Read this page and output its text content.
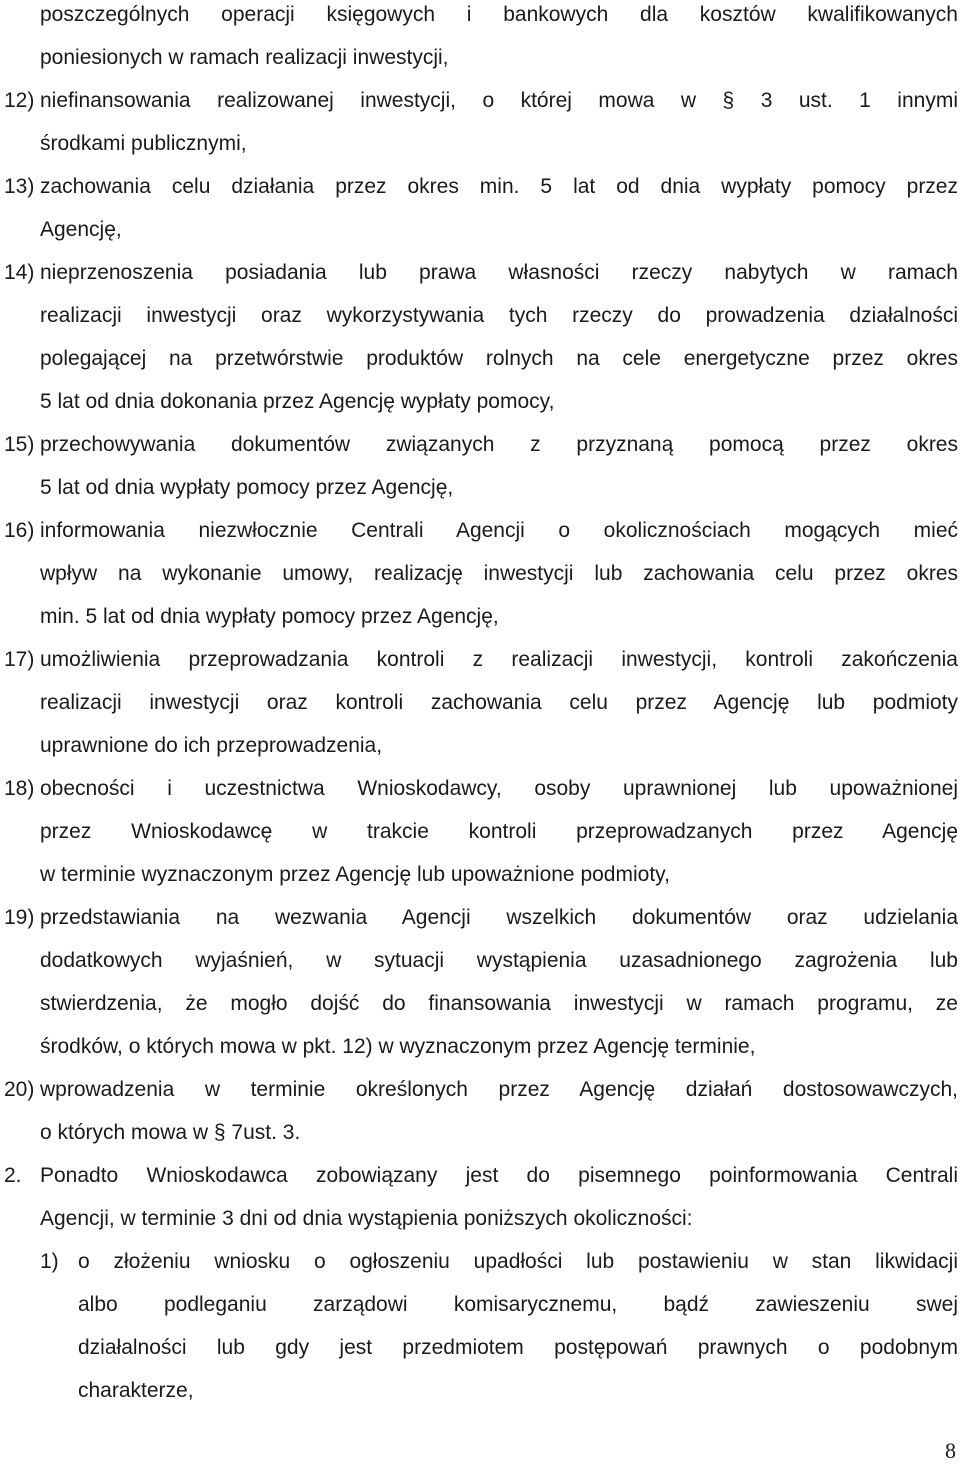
poszczególnych operacji księgowych i bankowych dla kosztów kwalifikowanych
poniesionych w ramach realizacji inwestycji,
12) niefinansowania realizowanej inwestycji, o której mowa w § 3 ust. 1 innymi
środkami publicznymi,
13) zachowania celu działania przez okres min. 5 lat od dnia wypłaty pomocy przez
Agencję,
14) nieprzenoszenia posiadania lub prawa własności rzeczy nabytych w ramach
realizacji inwestycji oraz wykorzystywania tych rzeczy do prowadzenia działalności
polegającej na przetwórstwie produktów rolnych na cele energetyczne przez okres
5 lat od dnia dokonania przez Agencję wypłaty pomocy,
15) przechowywania dokumentów związanych z przyznaną pomocą przez okres
5 lat od dnia wypłaty pomocy przez Agencję,
16) informowania niezwłocznie Centrali Agencji o okolicznościach mogących mieć
wpływ na wykonanie umowy, realizację inwestycji lub zachowania celu przez okres
min. 5 lat od dnia wypłaty pomocy przez Agencję,
17) umożliwienia przeprowadzania kontroli z realizacji inwestycji, kontroli zakończenia
realizacji inwestycji oraz kontroli zachowania celu przez Agencję lub podmioty
uprawnione do ich przeprowadzenia,
18) obecności i uczestnictwa Wnioskodawcy, osoby uprawnionej lub upoważnionej
przez Wnioskodawcę w trakcie kontroli przeprowadzanych przez Agencję
w terminie wyznaczonym przez Agencję lub upoważnione podmioty,
19) przedstawiania na wezwania Agencji wszelkich dokumentów oraz udzielania
dodatkowych wyjaśnień, w sytuacji wystąpienia uzasadnionego zagrożenia lub
stwierdzenia, że mogło dojść do finansowania inwestycji w ramach programu, ze
środków, o których mowa w pkt. 12) w wyznaczonym przez Agencję terminie,
20) wprowadzenia w terminie określonych przez Agencję działań dostosowawczych,
o których mowa w § 7ust. 3.
2. Ponadto Wnioskodawca zobowiązany jest do pisemnego poinformowania Centrali
Agencji, w terminie 3 dni od dnia wystąpienia poniższych okoliczności:
1) o złożeniu wniosku o ogłoszeniu upadłości lub postawieniu w stan likwidacji
albo podleganiu zarządowi komisarycznemu, bądź zawieszeniu swej
działalności lub gdy jest przedmiotem postępowań prawnych o podobnym
charakterze,
8
